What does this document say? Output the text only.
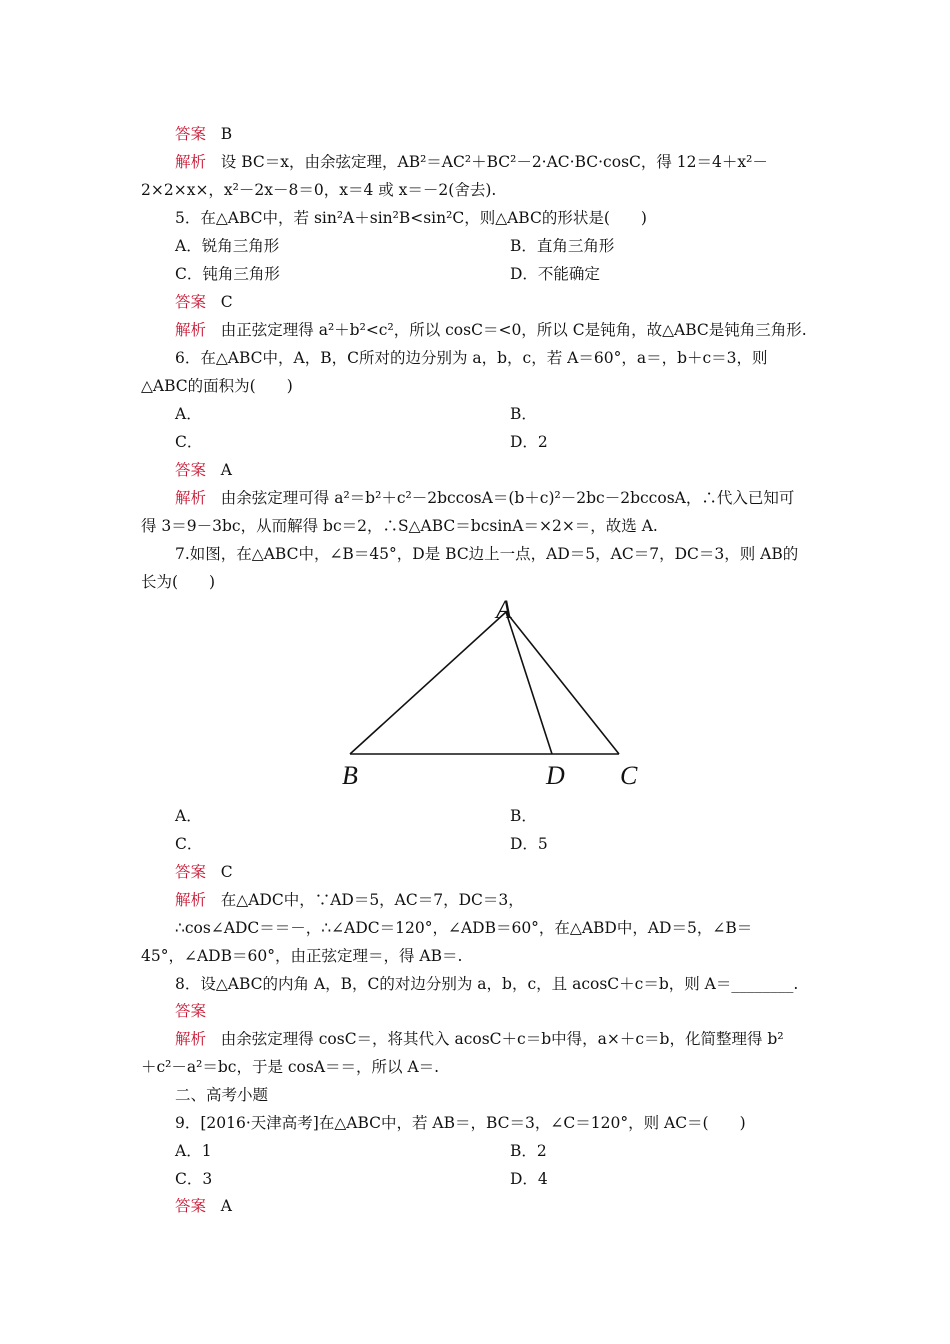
答案 B
解析 设 BC＝x，由余弦定理，AB²＝AC²＋BC²－2·AC·BC·cosC，得 12＝4＋x²－
2×2×x×，x²－2x－8＝0，x＝4 或 x＝－2(舍去).
5．在△ABC中，若 sin²A＋sin²B<sin²C，则△ABC的形状是(　　)
A．锐角三角形	B．直角三角形
C．钝角三角形	D．不能确定
答案 C
解析 由正弦定理得 a²＋b²<c²，所以 cosC＝<0，所以 C是钝角，故△ABC是钝角三角形.
6．在△ABC中，A，B，C所对的边分别为 a，b，c，若 A＝60°，a＝，b＋c＝3，则
△ABC的面积为(　　)
A．	B．
C．	D．2
答案 A
解析 由余弦定理可得 a²＝b²＋c²－2bccosA＝(b＋c)²－2bc－2bccosA，∴代入已知可
得 3＝9－3bc，从而解得 bc＝2，∴S△ABC＝bcsinA＝×2×＝，故选 A.
7.如图，在△ABC中，∠B＝45°，D是 BC边上一点，AD＝5，AC＝7，DC＝3，则 AB的
长为(　　)
A
B	D C
A．	B．
C．	D．5
答案 C
解析 在△ADC中，∵AD＝5，AC＝7，DC＝3，
∴cos∠ADC＝＝－，∴∠ADC＝120°，∠ADB＝60°，在△ABD中，AD＝5，∠B＝
45°，∠ADB＝60°，由正弦定理＝，得 AB＝.
8．设△ABC的内角 A，B，C的对边分别为 a，b，c，且 acosC＋c＝b，则 A＝________.
答案
解析 由余弦定理得 cosC＝，将其代入 acosC＋c＝b中得，a×＋c＝b，化简整理得 b²
＋c²－a²＝bc，于是 cosA＝＝，所以 A＝.
二、高考小题
9．[2016·天津高考]在△ABC中，若 AB＝，BC＝3，∠C＝120°，则 AC＝(　　)
A．1	B．2
C．3	D．4
答案 A
